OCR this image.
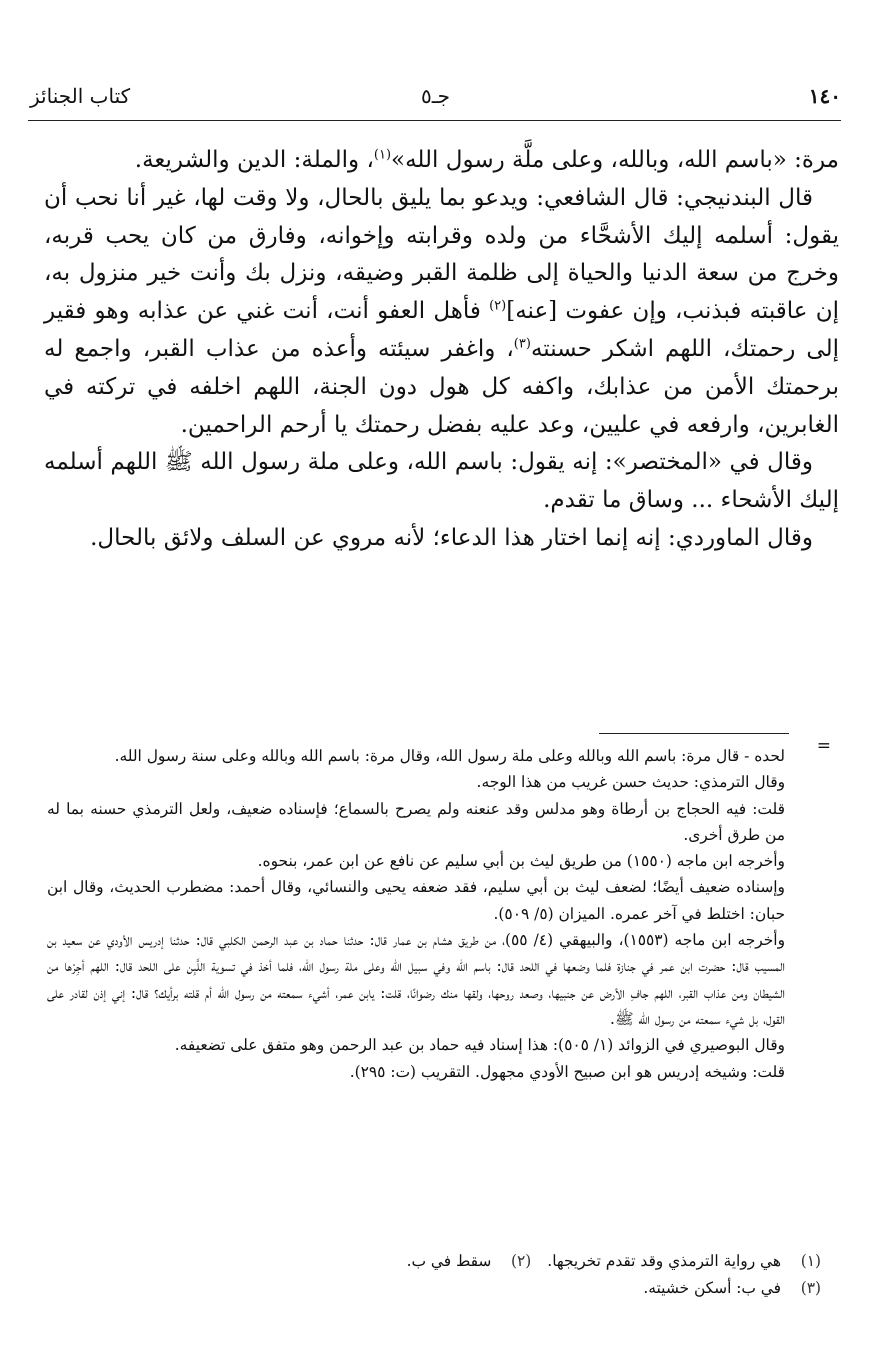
١٤٠
جـ٥
كتاب الجنائز

مرة: «باسم الله، وبالله، وعلى ملَّة رسول الله»$^{(١)}$، والملة: الدين والشريعة.

قال البندنيجي: قال الشافعي: ويدعو بما يليق بالحال، ولا وقت لها، غير أنا نحب أن يقول: أسلمه إليك الأشحَّاء من ولده وقرابته وإخوانه، وفارق من كان يحب قربه، وخرج من سعة الدنيا والحياة إلى ظلمة القبر وضيقه، ونزل بك وأنت خير منزول به، إن عاقبته فبذنب، وإن عفوت [عنه]$^{(٢)}$ فأهل العفو أنت، أنت غني عن عذابه وهو فقير إلى رحمتك، اللهم اشكر حسنته$^{(٣)}$، واغفر سيئته وأعذه من عذاب القبر، واجمع له برحمتك الأمن من عذابك، واكفه كل هول دون الجنة، اللهم اخلفه في تركته في الغابرين، وارفعه في عليين، وعد عليه بفضل رحمتك يا أرحم الراحمين.

وقال في «المختصر»: إنه يقول: باسم الله، وعلى ملة رسول الله ﷺ اللهم أسلمه إليك الأشحاء ... وساق ما تقدم.

وقال الماوردي: إنه إنما اختار هذا الدعاء؛ لأنه مروي عن السلف ولائق بالحال.

=

لحده - قال مرة: باسم الله وبالله وعلى ملة رسول الله، وقال مرة: باسم الله وبالله وعلى سنة رسول الله.

وقال الترمذي: حديث حسن غريب من هذا الوجه.

قلت: فيه الحجاج بن أرطاة وهو مدلس وقد عنعنه ولم يصرح بالسماع؛ فإسناده ضعيف، ولعل الترمذي حسنه بما له من طرق أخرى.

وأخرجه ابن ماجه (١٥٥٠) من طريق ليث بن أبي سليم عن نافع عن ابن عمر، بنحوه.

وإسناده ضعيف أيضًا؛ لضعف ليث بن أبي سليم، فقد ضعفه يحيى والنسائي، وقال أحمد: مضطرب الحديث، وقال ابن حبان: اختلط في آخر عمره. الميزان (٥/ ٥٠٩).

وأخرجه ابن ماجه (١٥٥٣)، والبيهقي (٤/ ٥٥)، من طريق هشام بن عمار قال: حدثنا حماد بن عبد الرحمن الكلبي قال: حدثنا إدريس الأودي عن سعيد بن المسيب قال: حضرت ابن عمر في جنازة فلما وضعها في اللحد قال: باسم الله وفي سبيل الله وعلى ملة رسول الله، فلما أخذ في تسوية اللَّبِن على اللحد قال: اللهم أجِرْها من الشيطان ومن عذاب القبر، اللهم جافِ الأرض عن جنبيها، وصعد روحها، ولقها منك رضوانًا، قلت: يابن عمر، أشيء سمعته من رسول الله أم قلته برأيك؟ قال: إني إذن لقادر على القول، بل شيء سمعته من رسول الله ﷺ.

وقال البوصيري في الزوائد (١/ ٥٠٥): هذا إسناد فيه حماد بن عبد الرحمن وهو متفق على تضعيفه.

قلت: وشيخه إدريس هو ابن صبيح الأودي مجهول. التقريب (ت: ٢٩٥).

(١)هي رواية الترمذي وقد تقدم تخريجها.(٢)سقط في ب.
(٣)في ب: أسكن خشيته.
